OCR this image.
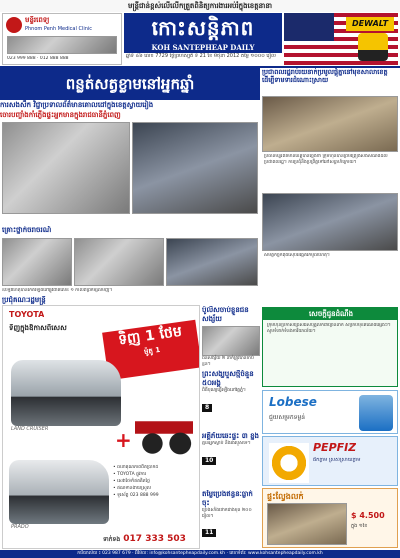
មន្ត្រីជាន់ខ្ពស់លើលើកត្រួតពិនិត្យការងារអប់រំក្នុងខេត្តនានា
មន្ទីរពេទ្យ
Phnom Penh Medical Clinic
023 999 888 · 012 888 888
កោះសន្តិភាព
KOH SANTEPHEAP DAILY
ឆ្នាំទី ៤៦ លេខ 7729 ថ្ងៃព្រហស្បតិ៍ ទី 21 ខែ មិថុនា 2012 តម្លៃ ១០០០ រៀល
DEWALT
ពន្លត់សត្វខ្លាមនៅអ្នកឆ្នាំ
ការសងសឹក វិជ្ជាប្រទាលព័ត៌មានគោលដៅក្នុងខេត្តស្វាយរៀង
ចោរបញ្ចាំងកាំភ្លើងផ្ទះអ្នកមានក្នុងរាជធានីភ្នំពេញ

ប្រជាពលរដ្ឋរាប់រយនាក់ប្រមូលផ្តុំគ្នានៅមុខសាលាខេត្តដើម្បីទាមទារដំណោះស្រាយ
ប្រធានមន្ទីរព័ត៌មានខេត្តបានថ្លែងថា ក្រុមហ៊ុនបានព្រមព្រៀងសងសំណងដល់ប្រជាពលរដ្ឋ។ ការប្រជុំនឹងប្រព្រឹត្តទៅនៅសប្ដាហ៍ក្រោយ។

សមត្ថកិច្ចកំពុងស៊ើបអង្កេតរកមូលហេតុ។

គ្រោះថ្នាក់ចរាចរណ៍
ឧបទ្ទវហេតុបានកើតឡើងនៅផ្លូវជាតិលេខ ១ កាលពីព្រឹកម្សិលមិញ។
ប្រជុំគណៈរដ្ឋមន្ត្រី
TOYOTA
ទិញក្នុងឱកាសពិសេស	ទិញ 1 ថែម
ម៉ូតូ 1
LAND CRUISER	+
PRADO
• ធានាគុណភាពពិតប្រាកដ
• TOYOTA ផ្លូវការ
• សេវាថែទាំឥតគិតថ្លៃ
• ឥណទានងាយស្រួល
• ទូរស័ព្ទ 023 888 999
ទាក់ទង 017 333 503
ប៉ូលិសចាប់ខ្លួនជនសង្ស័យ
ជនសង្ស័យ ២ នាក់ត្រូវបានចាប់ខ្លួន។
ព្រះសង្ឃបួសថ្មីចំនួន ៥០អង្គ
ពិធីបុណ្យធ្វើឡើងនៅវត្តភ្នំ។
8
អគ្គិភ័យឆេះផ្ទះ ៣ ខ្នង
គ្មានអ្នកស្លាប់ និងរងរបួសទេ។
10
តម្លៃប្រេងឥន្ធនៈធ្លាក់ចុះ
ប្រេងសាំងថោកជាងមុន ២០០ រៀល។
11
សេចក្តីជូនដំណឹង
ក្រុមហ៊ុនប្រកាសជ្រើសរើសបុគ្គលិកជាច្រើននាក់ សម្រាប់មុខតំណែងផ្សេងៗ។ សូមទំនាក់ទំនងការិយាល័យ។
Lobese
ជួយសម្រកទម្ងន់
PEPFIZ
ផឹកភ្លាម ស្រស់ស្រាយភ្លាម
ផ្ទះល្វែងលក់
$ 4.500
ក្នុង ១ខែ
ការិយាល័យ ៖ 023 987 679 · អ៊ីម៉ែល: info@kohsantepheapdaily.com.kh · គេហទំព័រ: www.kohsantepheapdaily.com.kh
